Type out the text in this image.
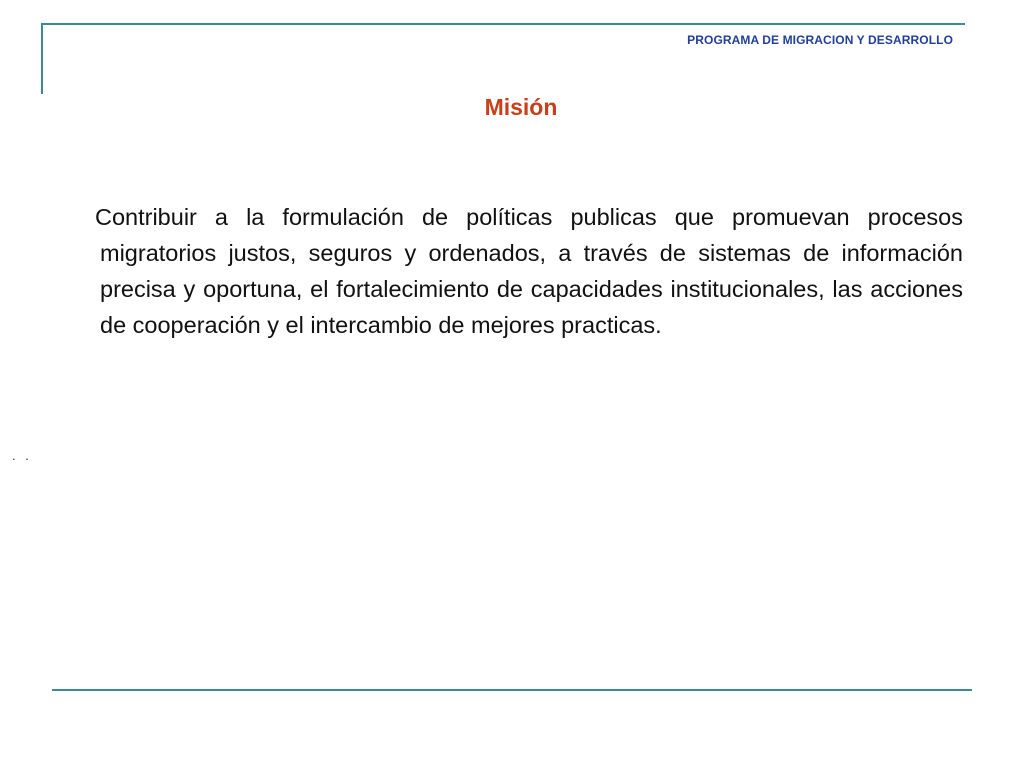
PROGRAMA DE MIGRACION Y DESARROLLO
Misión
Contribuir a la formulación de políticas publicas que promuevan procesos migratorios justos, seguros y ordenados, a través de sistemas de información precisa y oportuna, el fortalecimiento de capacidades institucionales, las acciones de cooperación y el intercambio de mejores practicas.
. .
